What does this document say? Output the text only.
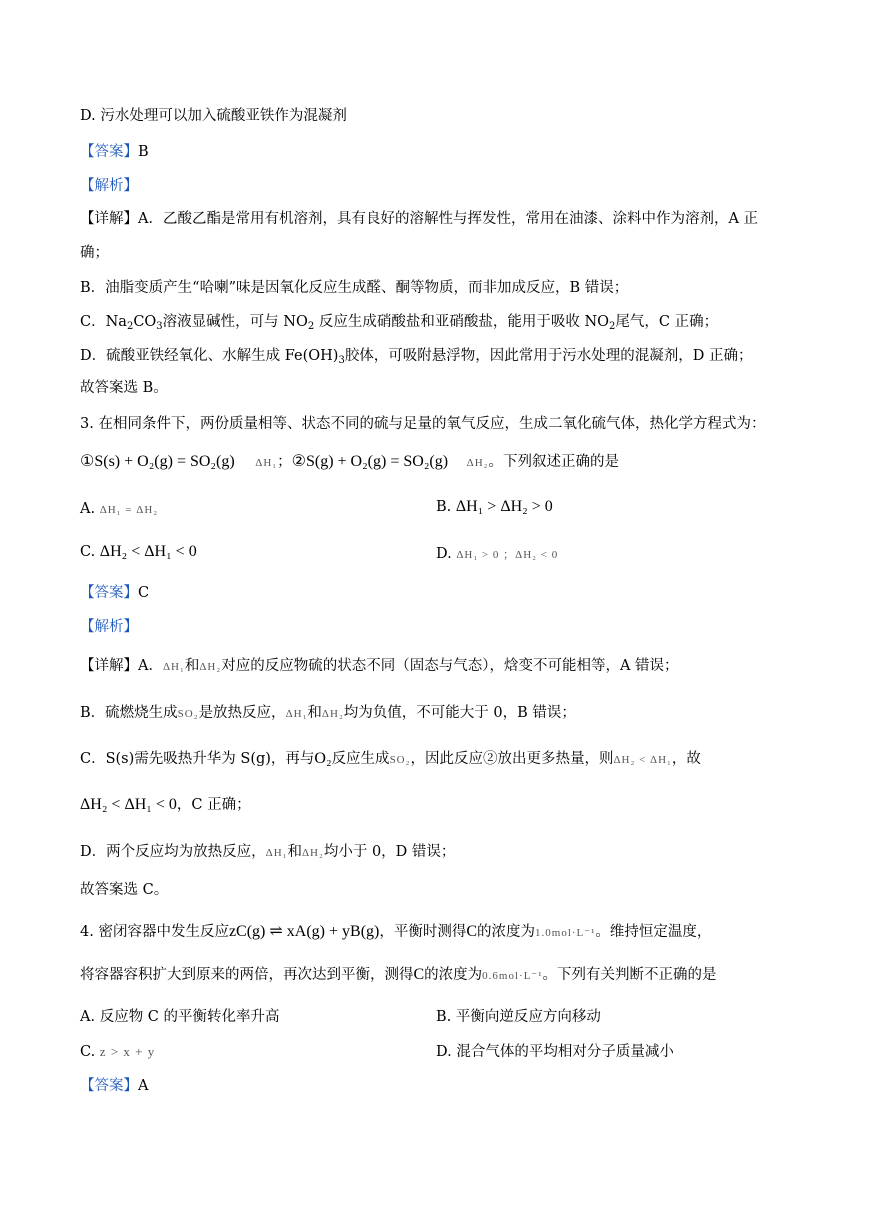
D. 污水处理可以加入硫酸亚铁作为混凝剂
【答案】B
【解析】
【详解】A．乙酸乙酯是常用有机溶剂，具有良好的溶解性与挥发性，常用在油漆、涂料中作为溶剂，A 正
确；
B．油脂变质产生“哈喇”味是因氧化反应生成醛、酮等物质，而非加成反应，B 错误；
C．$Na_2CO_3$溶液显碱性，可与 $NO_2$ 反应生成硝酸盐和亚硝酸盐，能用于吸收 $NO_2$尾气，C 正确；
D．硫酸亚铁经氧化、水解生成 $Fe(OH)_3$胶体，可吸附悬浮物，因此常用于污水处理的混凝剂，D 正确；
故答案选 B。
3. 在相同条件下，两份质量相等、状态不同的硫与足量的氧气反应，生成二氧化硫气体，热化学方程式为：
①S(s) + O₂(g) = SO₂(g) ΔH₁；②S(g) + O₂(g) = SO₂(g) ΔH₂。下列叙述正确的是
A. ΔH₁ = ΔH₂	B. ΔH₁ > ΔH₂ > 0
C. ΔH₂ < ΔH₁ < 0	D. ΔH₁ > 0 ；ΔH₂ < 0
【答案】C
【解析】
【详解】A．ΔH₁和ΔH₂对应的反应物硫的状态不同（固态与气态），焓变不可能相等，A 错误；
B．硫燃烧生成SO₂是放热反应，ΔH₁和ΔH₂均为负值，不可能大于 0，B 错误；
C．S(s)需先吸热升华为 S(g)，再与O₂反应生成SO₂，因此反应②放出更多热量，则ΔH₂ < ΔH₁，故
ΔH₂ < ΔH₁ < 0，C 正确；
D．两个反应均为放热反应，ΔH₁和ΔH₂均小于 0，D 错误；
故答案选 C。
4. 密闭容器中发生反应zC(g) ⇌ xA(g) + yB(g)，平衡时测得C的浓度为1.0mol·L⁻¹。维持恒定温度，
将容器容积扩大到原来的两倍，再次达到平衡，测得C的浓度为0.6mol·L⁻¹。下列有关判断不正确的是
A. 反应物 C 的平衡转化率升高	B. 平衡向逆反应方向移动
C. z > x + y	D. 混合气体的平均相对分子质量减小
【答案】A
